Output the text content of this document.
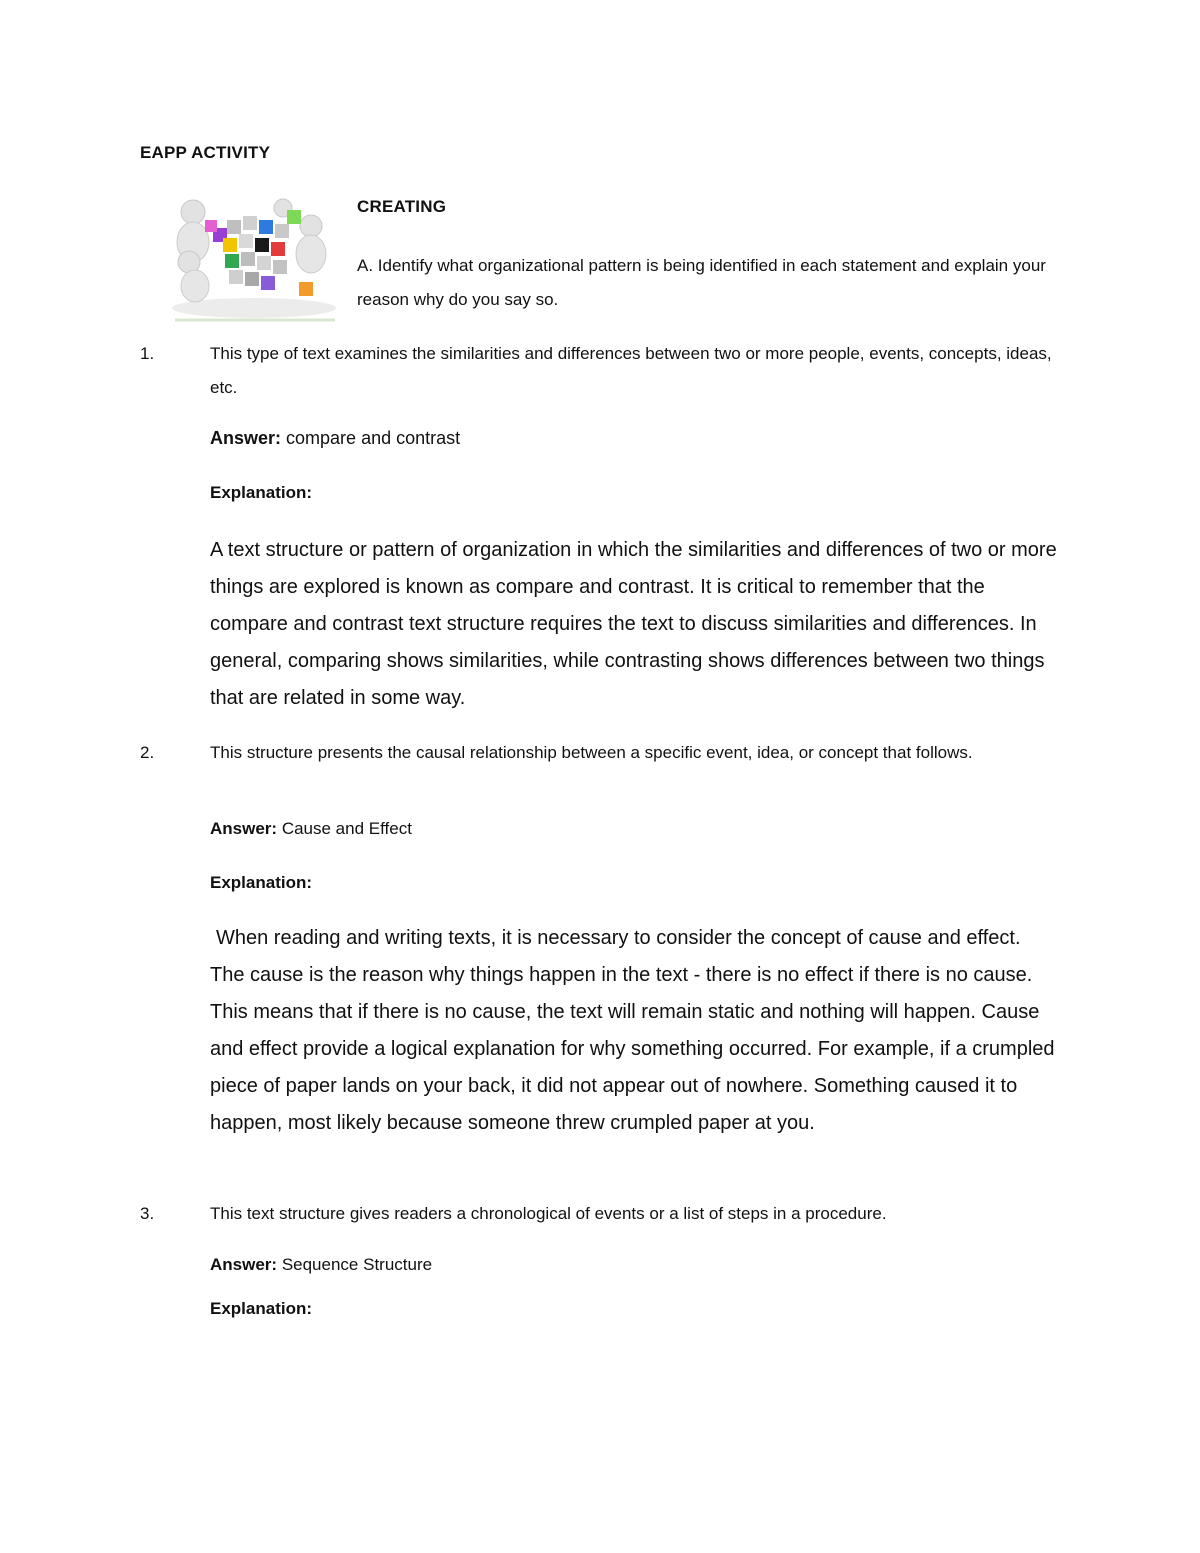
EAPP ACTIVITY
CREATING
A. Identify what organizational pattern is being identified in each statement and explain your reason why do you say so.
1.	This type of text examines the similarities and differences between two or more people, events, concepts, ideas, etc.
Answer: compare and contrast
Explanation:
A text structure or pattern of organization in which the similarities and differences of two or more things are explored is known as compare and contrast. It is critical to remember that the compare and contrast text structure requires the text to discuss similarities and differences. In general, comparing shows similarities, while contrasting shows differences between two things that are related in some way.
2.	This structure presents the causal relationship between a specific event, idea, or concept that follows.
Answer: Cause and Effect
Explanation:
When reading and writing texts, it is necessary to consider the concept of cause and effect. The cause is the reason why things happen in the text - there is no effect if there is no cause. This means that if there is no cause, the text will remain static and nothing will happen. Cause and effect provide a logical explanation for why something occurred. For example, if a crumpled piece of paper lands on your back, it did not appear out of nowhere. Something caused it to happen, most likely because someone threw crumpled paper at you.
3.	This text structure gives readers a chronological of events or a list of steps in a procedure.
Answer: Sequence Structure
Explanation:
